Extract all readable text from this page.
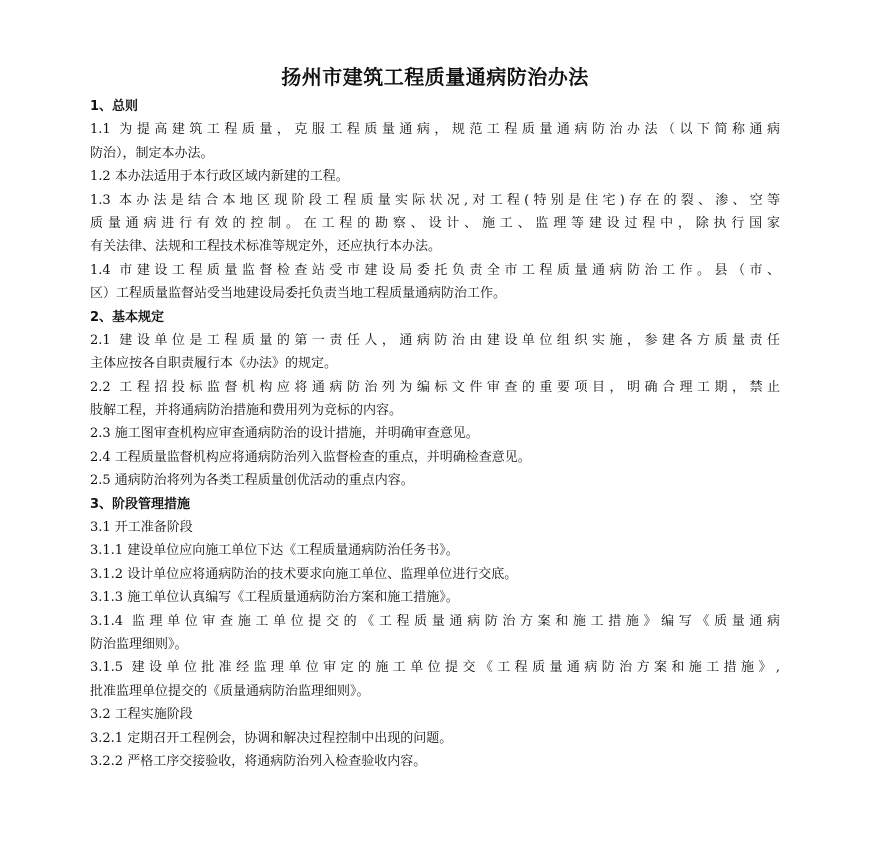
扬州市建筑工程质量通病防治办法
1、总则
1.1 为提高建筑工程质量，克服工程质量通病，规范工程质量通病防治办法（以下简称通病
防治），制定本办法。
1.2 本办法适用于本行政区域内新建的工程。
1.3 本办法是结合本地区现阶段工程质量实际状况,对工程(特别是住宅)存在的裂、渗、空等
质量通病进行有效的控制。在工程的勘察、设计、施工、监理等建设过程中，除执行国家
有关法律、法规和工程技术标准等规定外，还应执行本办法。
1.4 市建设工程质量监督检查站受市建设局委托负责全市工程质量通病防治工作。县（市、
区）工程质量监督站受当地建设局委托负责当地工程质量通病防治工作。
2、基本规定
2.1 建设单位是工程质量的第一责任人，通病防治由建设单位组织实施，参建各方质量责任
主体应按各自职责履行本《办法》的规定。
2.2 工程招投标监督机构应将通病防治列为编标文件审查的重要项目，明确合理工期，禁止
肢解工程，并将通病防治措施和费用列为竞标的内容。
2.3 施工图审查机构应审查通病防治的设计措施，并明确审查意见。
2.4 工程质量监督机构应将通病防治列入监督检查的重点，并明确检查意见。
2.5 通病防治将列为各类工程质量创优活动的重点内容。
3、阶段管理措施
3.1 开工准备阶段
3.1.1 建设单位应向施工单位下达《工程质量通病防治任务书》。
3.1.2 设计单位应将通病防治的技术要求向施工单位、监理单位进行交底。
3.1.3 施工单位认真编写《工程质量通病防治方案和施工措施》。
3.1.4 监理单位审查施工单位提交的《工程质量通病防治方案和施工措施》编写《质量通病
防治监理细则》。
3.1.5 建设单位批准经监理单位审定的施工单位提交《工程质量通病防治方案和施工措施》,
批准监理单位提交的《质量通病防治监理细则》。
3.2 工程实施阶段
3.2.1 定期召开工程例会，协调和解决过程控制中出现的问题。
3.2.2 严格工序交接验收，将通病防治列入检查验收内容。
